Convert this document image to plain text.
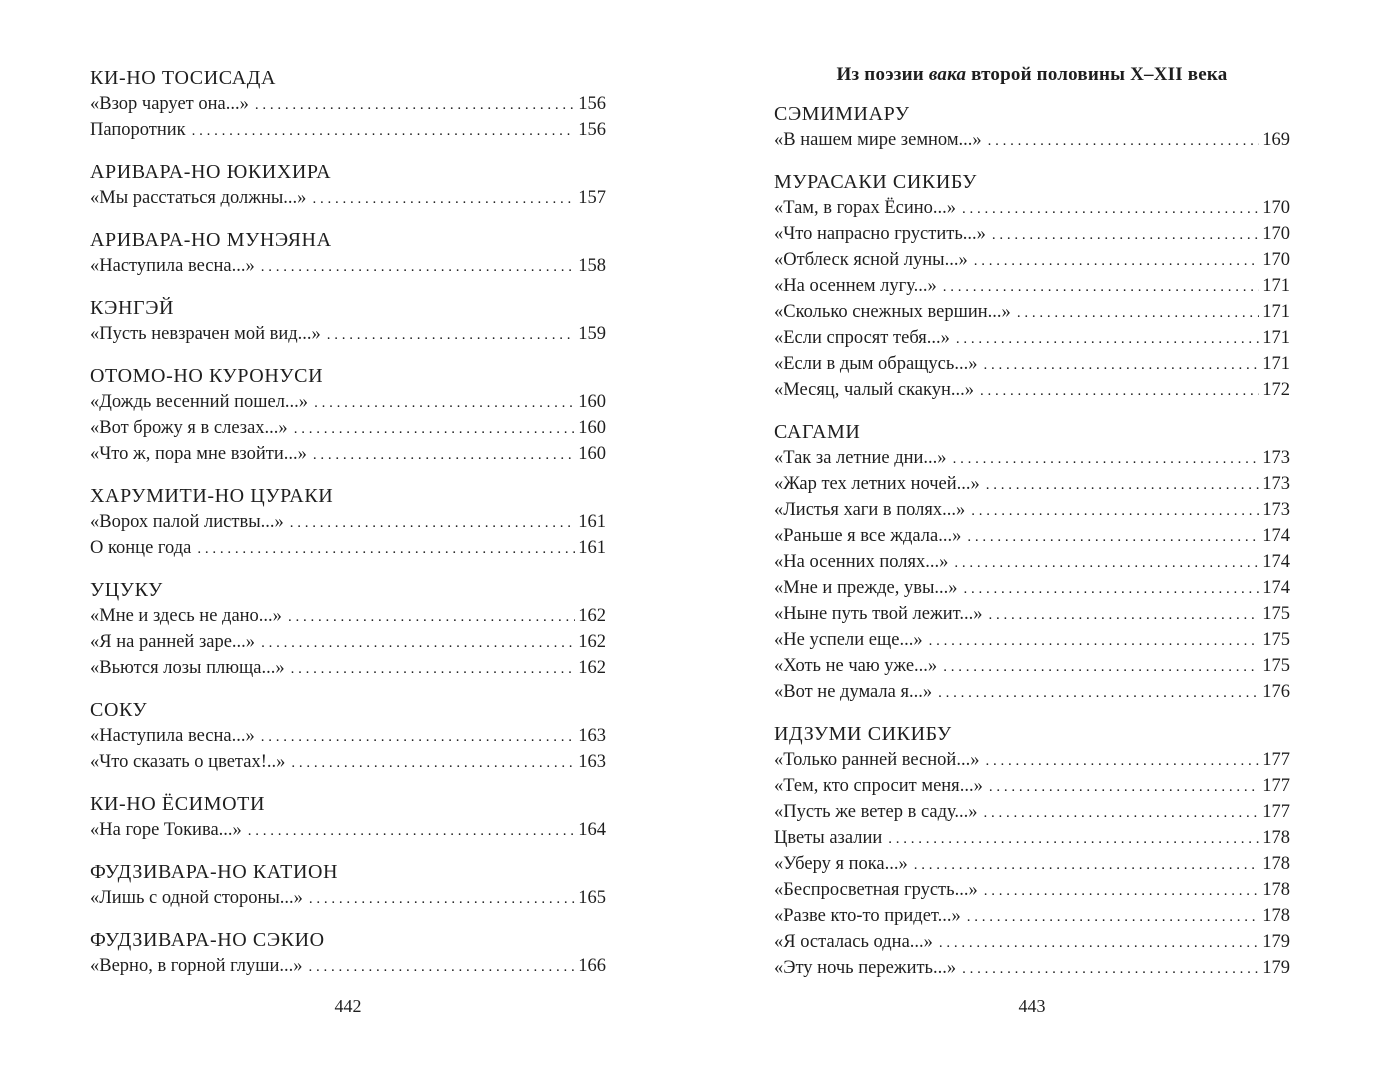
КИ-НО ТОСИСАДА
«Взор чарует она...» . . .	156
Папоротник . . .	156
АРИВАРА-НО ЮКИХИРА
«Мы расстаться должны...» . . .	157
АРИВАРА-НО МУНЭЯНА
«Наступила весна...» . . .	158
КЭНГЭЙ
«Пусть невзрачен мой вид...» . . .	159
ОТОМО-НО КУРОНУСИ
«Дождь весенний пошел...» . . .	160
«Вот брожу я в слезах...» . . .	160
«Что ж, пора мне взойти...» . . .	160
ХАРУМИТИ-НО ЦУРАКИ
«Ворох палой листвы...» . . .	161
О конце года . . .	161
УЦУКУ
«Мне и здесь не дано...» . . .	162
«Я на ранней заре...» . . .	162
«Вьются лозы плюща...» . . .	162
СОКУ
«Наступила весна...» . . .	163
«Что сказать о цветах!..» . . .	163
КИ-НО ЁСИМОТИ
«На горе Токива...» . . .	164
ФУДЗИВАРА-НО КАТИОН
«Лишь с одной стороны...» . . .	165
ФУДЗИВАРА-НО СЭКИО
«Верно, в горной глуши...» . . .	166
442
Из поэзии вака второй половины X–XII века
СЭМИМИАРУ
«В нашем мире земном...» . . .	169
МУРАСАКИ СИКИБУ
«Там, в горах Ёсино...» . . .	170
«Что напрасно грустить...» . . .	170
«Отблеск ясной луны...» . . .	170
«На осеннем лугу...» . . .	171
«Сколько снежных вершин...» . . .	171
«Если спросят тебя...» . . .	171
«Если в дым обращусь...» . . .	171
«Месяц, чалый скакун...» . . .	172
САГАМИ
«Так за летние дни...» . . .	173
«Жар тех летних ночей...» . . .	173
«Листья хаги в полях...» . . .	173
«Раньше я все ждала...» . . .	174
«На осенних полях...» . . .	174
«Мне и прежде, увы...» . . .	174
«Ныне путь твой лежит...» . . .	175
«Не успели еще...» . . .	175
«Хоть не чаю уже...» . . .	175
«Вот не думала я...» . . .	176
ИДЗУМИ СИКИБУ
«Только ранней весной...» . . .	177
«Тем, кто спросит меня...» . . .	177
«Пусть же ветер в саду...» . . .	177
Цветы азалии . . .	178
«Уберу я пока...» . . .	178
«Беспросветная грусть...» . . .	178
«Разве кто-то придет...» . . .	178
«Я осталась одна...» . . .	179
«Эту ночь пережить...» . . .	179
443
